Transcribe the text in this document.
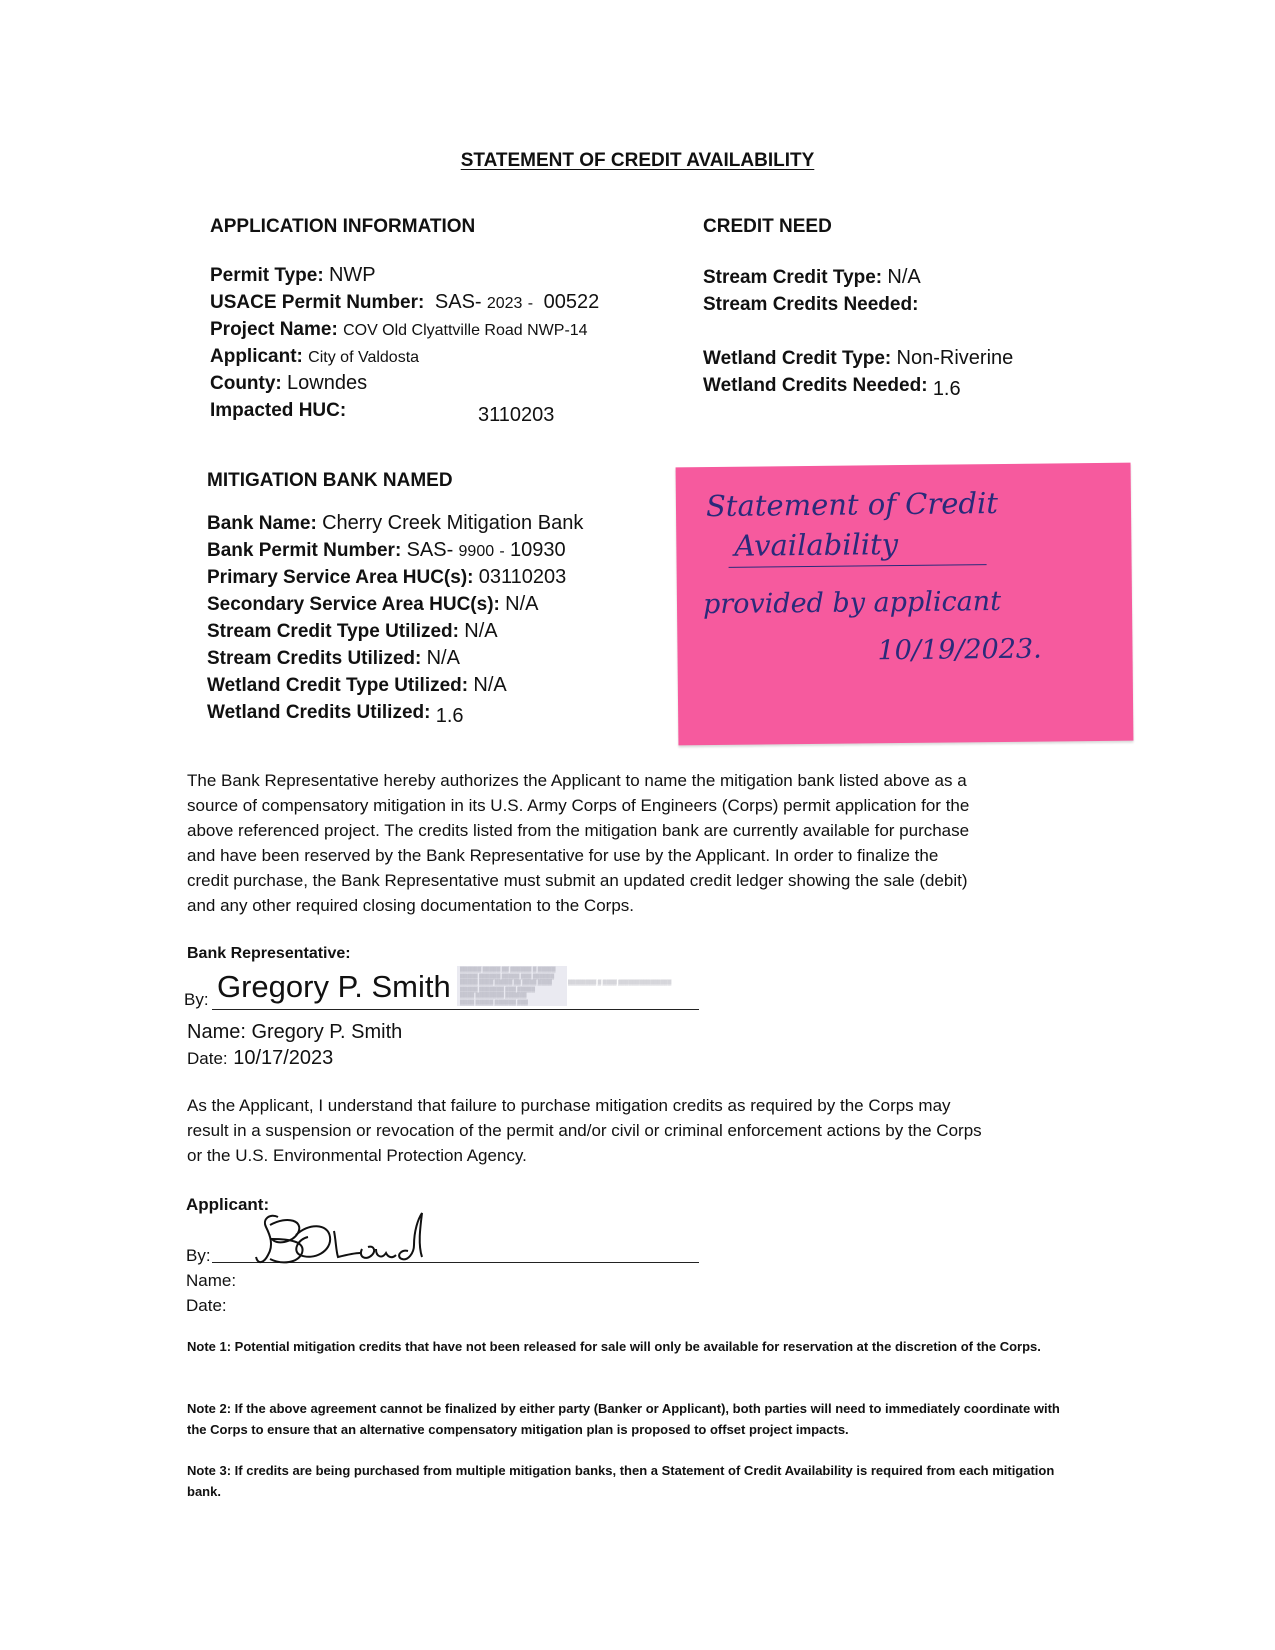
STATEMENT OF CREDIT AVAILABILITY
APPLICATION INFORMATION
Permit Type: NWP
USACE Permit Number: SAS- 2023 - 00522
Project Name: COV Old Clyattville Road NWP-14
Applicant: City of Valdosta
County: Lowndes
Impacted HUC:	3110203
CREDIT NEED
Stream Credit Type: N/A
Stream Credits Needed:
Wetland Credit Type: Non-Riverine
Wetland Credits Needed: 1.6
MITIGATION BANK NAMED
Bank Name: Cherry Creek Mitigation Bank
Bank Permit Number: SAS- 9900 - 10930
Primary Service Area HUC(s): 03110203
Secondary Service Area HUC(s): N/A
Stream Credit Type Utilized: N/A
Stream Credits Utilized: N/A
Wetland Credit Type Utilized: N/A
Wetland Credits Utilized: 1.6
Statement of Credit
Availability
provided by applicant
10/19/2023.
The Bank Representative hereby authorizes the Applicant to name the mitigation bank listed above as a
source of compensatory mitigation in its U.S. Army Corps of Engineers (Corps) permit application for the
above referenced project. The credits listed from the mitigation bank are currently available for purchase
and have been reserved by the Bank Representative for use by the Applicant. In order to finalize the
credit purchase, the Bank Representative must submit an updated credit ledger showing the sale (debit)
and any other required closing documentation to the Corps.
Bank Representative:
By: Gregory P. Smith ▒▒▒▒▒▒ ▒▒▒▒▒ ▒▒ ▒▒▒▒▒▒ ▒ ▒▒▒▒▒
▒▒▒▒▒ ▒▒▒▒▒▒ ▒▒▒▒▒ ▒▒▒ ▒▒▒▒▒▒
▒▒▒▒▒ ▒▒▒▒ ▒▒▒▒▒ ▒▒ ▒▒▒▒ ▒▒▒▒
▒▒▒▒▒ ▒▒▒▒▒▒▒ ▒▒▒ ▒▒▒▒▒
▒▒▒▒ ▒▒▒▒▒▒▒▒ ▒▒▒▒▒▒
▒▒▒▒ ▒▒▒▒▒ ▒▒▒▒▒▒ ▒▒▒
▒▒▒▒▒▒▒▒ ▒ ▒▒▒▒ ▒▒▒▒▒▒▒▒▒▒▒▒▒▒▒
Name: Gregory P. Smith
Date: 10/17/2023
As the Applicant, I understand that failure to purchase mitigation credits as required by the Corps may
result in a suspension or revocation of the permit and/or civil or criminal enforcement actions by the Corps
or the U.S. Environmental Protection Agency.
Applicant:
By:
Name:
Date:
Note 1: Potential mitigation credits that have not been released for sale will only be available for reservation at the discretion of the Corps.
Note 2: If the above agreement cannot be finalized by either party (Banker or Applicant), both parties will need to immediately coordinate with the Corps to ensure that an alternative compensatory mitigation plan is proposed to offset project impacts.
Note 3: If credits are being purchased from multiple mitigation banks, then a Statement of Credit Availability is required from each mitigation bank.
